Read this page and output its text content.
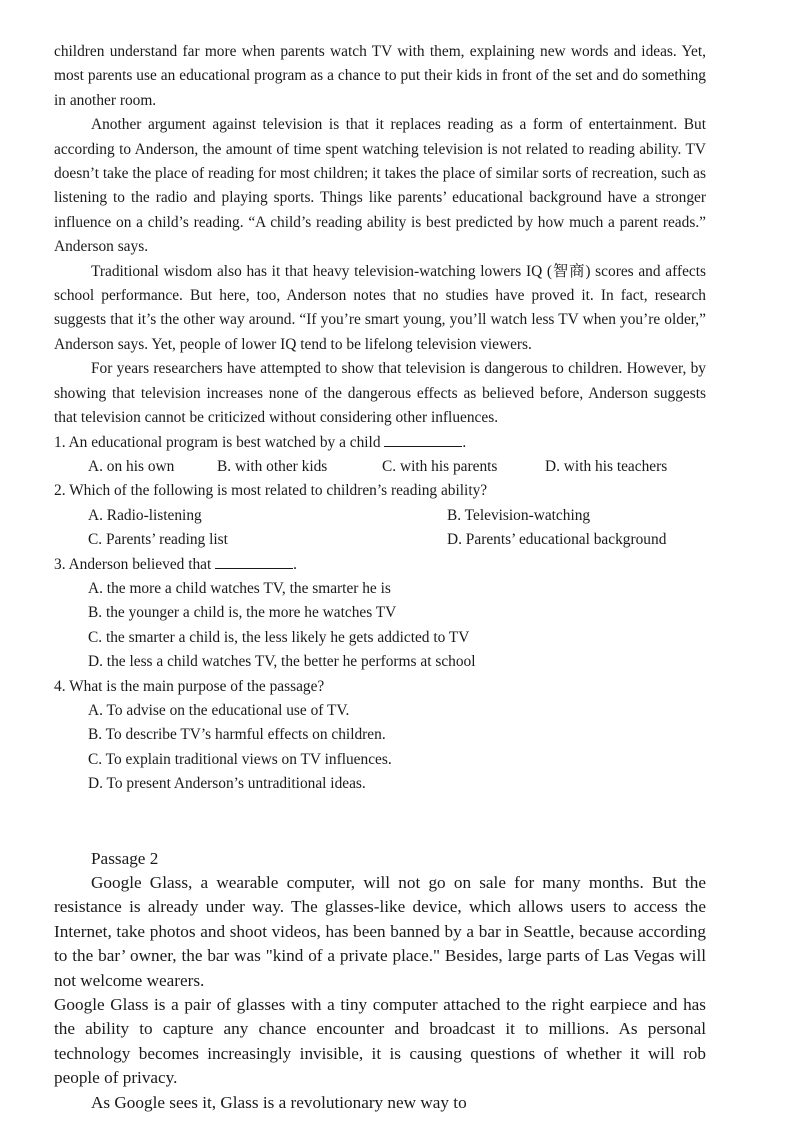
children understand far more when parents watch TV with them, explaining new words and ideas. Yet, most parents use an educational program as a chance to put their kids in front of the set and do something in another room.

Another argument against television is that it replaces reading as a form of entertainment. But according to Anderson, the amount of time spent watching television is not related to reading ability. TV doesn’t take the place of reading for most children; it takes the place of similar sorts of recreation, such as listening to the radio and playing sports. Things like parents’ educational background have a stronger influence on a child’s reading. “A child’s reading ability is best predicted by how much a parent reads.” Anderson says.

Traditional wisdom also has it that heavy television-watching lowers IQ (智商) scores and affects school performance. But here, too, Anderson notes that no studies have proved it. In fact, research suggests that it’s the other way around. “If you’re smart young, you’ll watch less TV when you’re older,” Anderson says. Yet, people of lower IQ tend to be lifelong television viewers.

For years researchers have attempted to show that television is dangerous to children. However, by showing that television increases none of the dangerous effects as believed before, Anderson suggests that television cannot be criticized without considering other influences.

1. An educational program is best watched by a child	.

A. on his own	B. with other kids	C. with his parents	D. with his teachers

2. Which of the following is most related to children’s reading ability?

A. Radio-listening	B. Television-watching
C. Parents’ reading list	D. Parents’ educational background

3. Anderson believed that	.

A. the more a child watches TV, the smarter he is
B. the younger a child is, the more he watches TV
C. the smarter a child is, the less likely he gets addicted to TV
D. the less a child watches TV, the better he performs at school

4. What is the main purpose of the passage?

A. To advise on the educational use of TV.
B. To describe TV’s harmful effects on children.
C. To explain traditional views on TV influences.
D. To present Anderson’s untraditional ideas.

Passage 2

Google Glass, a wearable computer, will not go on sale for many months. But the resistance is already under way. The glasses-like device, which allows users to access the Internet, take photos and shoot videos, has been banned by a bar in Seattle, because according to the bar’ owner, the bar was "kind of a private place." Besides, large parts of Las Vegas will not welcome wearers.

Google Glass is a pair of glasses with a tiny computer attached to the right earpiece and has the ability to capture any chance encounter and broadcast it to millions. As personal technology becomes increasingly invisible, it is causing questions of whether it will rob people of privacy.

As Google sees it, Glass is a revolutionary new way to
